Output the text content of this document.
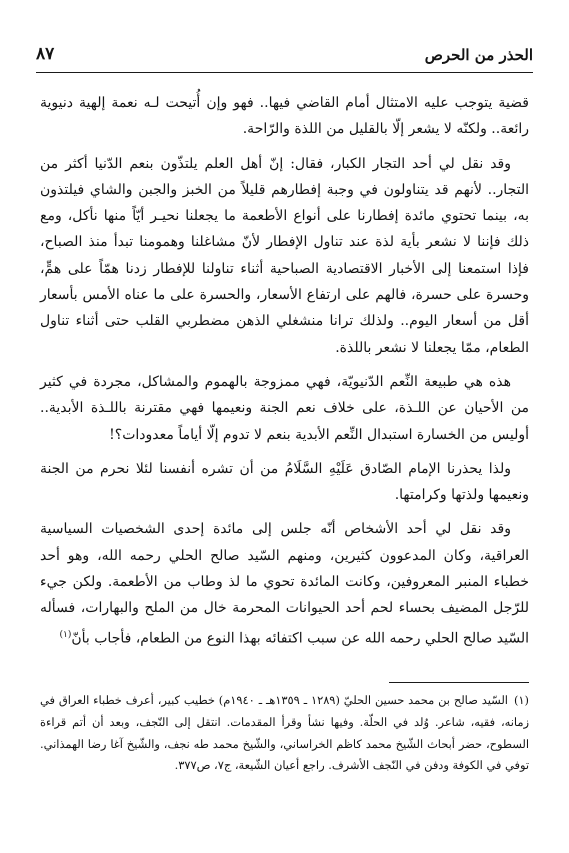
الحذر من الحرص
٨٧

قضية يتوجب عليه الامتثال أمام القاضي فيها.. فهو وإن أُتيحت لـه نعمة إلهية دنيوية رائعة.. ولكنّه لا يشعر إلّا بالقليل من اللذة والرّاحة.

وقد نقل لي أحد التجار الكبار، فقال: إنّ أهل العلم يلتذّون بنعم الدّنيا أكثر من التجار.. لأنهم قد يتناولون في وجبة إفطارهم قليلاً من الخبز والجبن والشاي فيلتذون به، بينما تحتوي مائدة إفطارنا على أنواع الأطعمة ما يجعلنا نحيـر أيّاً منها نأكل، ومع ذلك فإننا لا نشعر بأية لذة عند تناول الإفطار لأنّ مشاغلنا وهمومنا تبدأ منذ الصباح، فإذا استمعنا إلى الأخبار الاقتصادية الصباحية أثناء تناولنا للإفطار زدنا همّاً على همٍّ، وحسرة على حسرة، فالهم على ارتفاع الأسعار، والحسرة على ما عناه الأمس بأسعار أقل من أسعار اليوم.. ولذلك ترانا منشغلي الذهن مضطربي القلب حتى أثناء تناول الطعام، ممّا يجعلنا لا نشعر باللذة.

هذه هي طبيعة النِّعم الدّنيويّة، فهي ممزوجة بالهموم والمشاكل، مجردة في كثير من الأحيان عن اللـذة، على خلاف نعم الجنة ونعيمها فهي مقترنة باللـذة الأبدية.. أوليس من الخسارة استبدال النِّعم الأبدية بنعم لا تدوم إلّا أياماً معدودات؟!

ولذا يحذرنا الإمام الصّادق عَلَيْهِ السَّلَامُ من أن تشره أنفسنا لئلا نحرم من الجنة ونعيمها ولذتها وكرامتها.

وقد نقل لي أحد الأشخاص أنّه جلس إلى مائدة إحدى الشخصيات السياسية العراقية، وكان المدعوون كثيرين، ومنهم السّيد صالح الحلي رحمه الله، وهو أحد خطباء المنبر المعروفين، وكانت المائدة تحوي ما لذ وطاب من الأطعمة. ولكن جيء للرّجل المضيف بحساء لحم أحد الحيوانات المحرمة خال من الملح والبهارات، فسأله السّيد صالح الحلي رحمه الله عن سبب اكتفائه بهذا النوع من الطعام، فأجاب بأنّ$^{(١)}$

(١)السّيد صالح بن محمد حسين الحليّ (١٢٨٩ ـ ١٣٥٩هـ ـ ١٩٤٠م) خطيب كبير، أعرف خطباء العراق في زمانه، فقيه، شاعر. وُلد في الحلّة. وفيها نشأ وقرأ المقدمات. انتقل إلى النّجف، وبعد أن أتم قراءة السطوح، حضر أبحاث الشّيخ محمد كاظم الخراساني، والشّيخ محمد طه نجف، والشّيخ آغا رضا الهمذاني. توفي في الكوفة ودفن في النّجف الأشرف. راجع أعيان الشّيعة، ج٧، ص٣٧٧.
